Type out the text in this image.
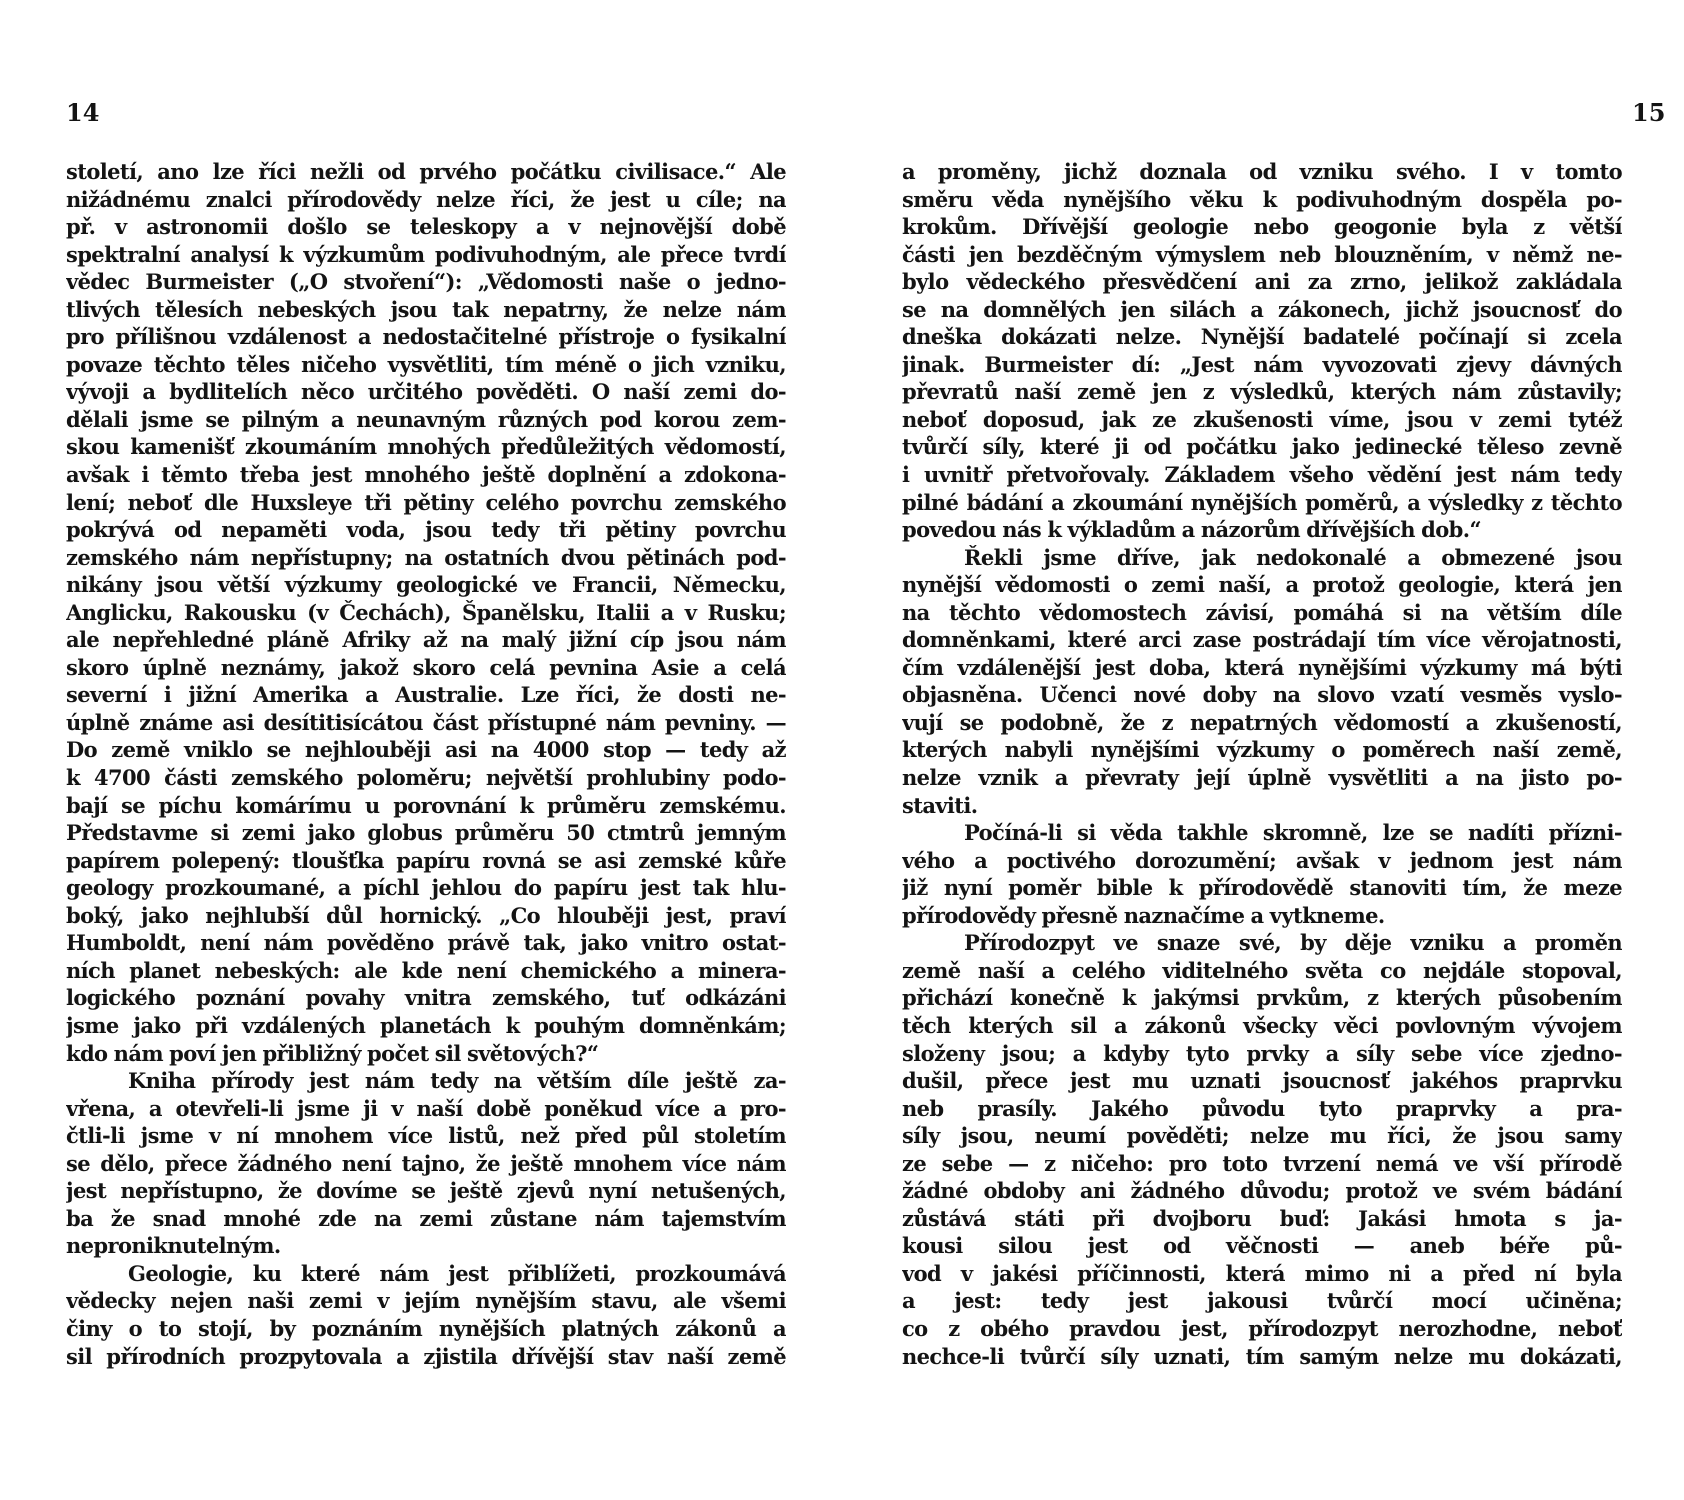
14
století, ano lze říci nežli od prvého počátku civilisace.“ Ale
nižádnému znalci přírodovědy nelze říci, že jest u cíle; na
př. v astronomii došlo se teleskopy a v nejnovější době
spektralní analysí k výzkumům podivuhodným, ale přece tvrdí
vědec Burmeister („O stvoření“): „Vědomosti naše o jedno-
tlivých tělesích nebeských jsou tak nepatrny, že nelze nám
pro přílišnou vzdálenost a nedostačitelné přístroje o fysikalní
povaze těchto těles ničeho vysvětliti, tím méně o jich vzniku,
vývoji a bydlitelích něco určitého pověděti. O naší zemi do-
dělali jsme se pilným a neunavným různých pod korou zem-
skou kamenišť zkoumáním mnohých předůležitých vědomostí,
avšak i těmto třeba jest mnohého ještě doplnění a zdokona-
lení; neboť dle Huxsleye tři pětiny celého povrchu zemského
pokrývá od nepaměti voda, jsou tedy tři pětiny povrchu
zemského nám nepřístupny; na ostatních dvou pětinách pod-
nikány jsou větší výzkumy geologické ve Francii, Německu,
Anglicku, Rakousku (v Čechách), Španělsku, Italii a v Rusku;
ale nepřehledné pláně Afriky až na malý jižní cíp jsou nám
skoro úplně neznámy, jakož skoro celá pevnina Asie a celá
severní i jižní Amerika a Australie. Lze říci, že dosti ne-
úplně známe asi desítitisícátou část přístupné nám pevniny. —
Do země vniklo se nejhlouběji asi na 4000 stop — tedy až
k 4700 části zemského poloměru; největší prohlubiny podo-
bají se píchu komárímu u porovnání k průměru zemskému.
Představme si zemi jako globus průměru 50 ctmtrů jemným
papírem polepený: tloušťka papíru rovná se asi zemské kůře
geology prozkoumané, a píchl jehlou do papíru jest tak hlu-
boký, jako nejhlubší důl hornický. „Co hlouběji jest, praví
Humboldt, není nám pověděno právě tak, jako vnitro ostat-
ních planet nebeských: ale kde není chemického a minera-
logického poznání povahy vnitra zemského, tuť odkázáni
jsme jako při vzdálených planetách k pouhým domněnkám;
kdo nám poví jen přibližný počet sil světových?“
Kniha přírody jest nám tedy na větším díle ještě za-
vřena, a otevřeli-li jsme ji v naší době poněkud více a pro-
čtli-li jsme v ní mnohem více listů, než před půl stoletím
se dělo, přece žádného není tajno, že ještě mnohem více nám
jest nepřístupno, že dovíme se ještě zjevů nyní netušených,
ba že snad mnohé zde na zemi zůstane nám tajemstvím
neproniknutelným.
Geologie, ku které nám jest přiblížeti, prozkoumává
vědecky nejen naši zemi v jejím nynějším stavu, ale všemi
činy o to stojí, by poznáním nynějších platných zákonů a
sil přírodních prozpytovala a zjistila dřívější stav naší země
15
a proměny, jichž doznala od vzniku svého. I v tomto
směru věda nynějšího věku k podivuhodným dospěla po-
krokům. Dřívější geologie nebo geogonie byla z větší
části jen bezděčným výmyslem neb blouzněním, v němž ne-
bylo vědeckého přesvědčení ani za zrno, jelikož zakládala
se na domnělých jen silách a zákonech, jichž jsoucnosť do
dneška dokázati nelze. Nynější badatelé počínají si zcela
jinak. Burmeister dí: „Jest nám vyvozovati zjevy dávných
převratů naší země jen z výsledků, kterých nám zůstavily;
neboť doposud, jak ze zkušenosti víme, jsou v zemi tytéž
tvůrčí síly, které ji od počátku jako jedinecké těleso zevně
i uvnitř přetvořovaly. Základem všeho vědění jest nám tedy
pilné bádání a zkoumání nynějších poměrů, a výsledky z těchto
povedou nás k výkladům a názorům dřívějších dob.“
Řekli jsme dříve, jak nedokonalé a obmezené jsou
nynější vědomosti o zemi naší, a protož geologie, která jen
na těchto vědomostech závisí, pomáhá si na větším díle
domněnkami, které arci zase postrádají tím více věrojatnosti,
čím vzdálenější jest doba, která nynějšími výzkumy má býti
objasněna. Učenci nové doby na slovo vzatí vesměs vyslo-
vují se podobně, že z nepatrných vědomostí a zkušeností,
kterých nabyli nynějšími výzkumy o poměrech naší země,
nelze vznik a převraty její úplně vysvětliti a na jisto po-
staviti.
Počíná-li si věda takhle skromně, lze se nadíti přízni-
vého a poctivého dorozumění; avšak v jednom jest nám
již nyní poměr bible k přírodovědě stanoviti tím, že meze
přírodovědy přesně naznačíme a vytkneme.
Přírodozpyt ve snaze své, by děje vzniku a proměn
země naší a celého viditelného světa co nejdále stopoval,
přichází konečně k jakýmsi prvkům, z kterých působením
těch kterých sil a zákonů všecky věci povlovným vývojem
složeny jsou; a kdyby tyto prvky a síly sebe více zjedno-
dušil, přece jest mu uznati jsoucnosť jakéhos praprvku
neb prasíly. Jakého původu tyto praprvky a pra-
síly jsou, neumí pověděti; nelze mu říci, že jsou samy
ze sebe — z ničeho: pro toto tvrzení nemá ve vší přírodě
žádné obdoby ani žádného důvodu; protož ve svém bádání
zůstává státi při dvojboru buď: Jakási hmota s ja-
kousi silou jest od věčnosti — aneb béře pů-
vod v jakési příčinnosti, která mimo ni a před ní byla
a jest: tedy jest jakousi tvůrčí mocí učiněna;
co z obého pravdou jest, přírodozpyt nerozhodne, neboť
nechce-li tvůrčí síly uznati, tím samým nelze mu dokázati,
